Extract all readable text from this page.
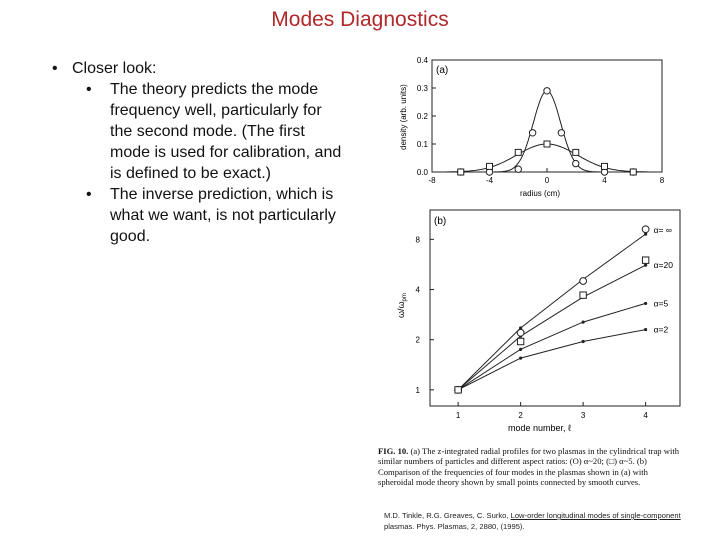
Modes Diagnostics
• Closer look:
• The theory predicts the mode frequency well, particularly for the second mode. (The first mode is used for calibration, and is defined to be exact.)
• The inverse prediction, which is what we want, is not particularly good.
(a)
density (arb. units)
radius (cm)
-8	-4	0	4	8
0.0
0.1
0.2
0.3
0.4
(b)
$\omega/\omega_{pm}$
mode number, ℓ
1	2	3	4
1
2
4
8
α= ∞
α=20
α=5
α=2
FIG. 10. (a) The z-integrated radial profiles for two plasmas in the cylindrical trap with similar numbers of particles and different aspect ratios: (O) α~20; (□) α~5. (b) Comparison of the frequencies of four modes in the plasmas shown in (a) with spheroidal mode theory shown by small points connected by smooth curves.
M.D. Tinkle, R.G. Greaves, C. Surko, Low-order longitudinal modes of single-component plasmas. Phys. Plasmas, 2, 2880, (1995).
